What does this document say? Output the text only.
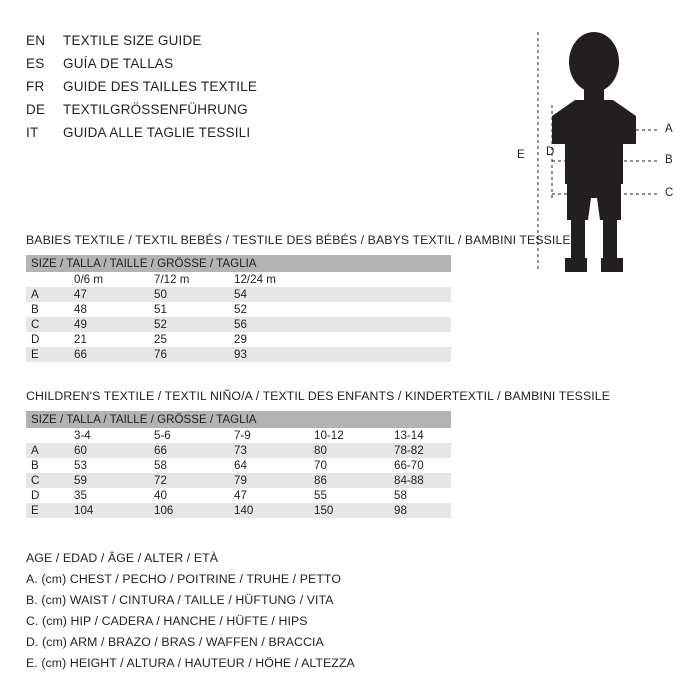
EN	TEXTILE SIZE GUIDE
ES	GUÍA DE TALLAS
FR	GUIDE DES TAILLES TEXTILE
DE	TEXTILGRÖSSENFÜHRUNG
IT	GUIDA ALLE TAGLIE TESSILI	A
B
C
D
E
BABIES TEXTILE / TEXTIL BEBÉS / TESTILE DES BÉBÉS / BABYS TEXTIL / BAMBINI TESSILE
SIZE / TALLA / TAILLE / GRÖSSE / TAGLIA			
	0/6 m	7/12 m	12/24 m
A	47	50	54
B	48	51	52
C	49	52	56
D	21	25	29
E	66	76	93
CHILDREN'S TEXTILE / TEXTIL NIÑO/A / TEXTIL DES ENFANTS / KINDERTEXTIL / BAMBINI TESSILE
SIZE / TALLA / TAILLE / GRÖSSE / TAGLIA					
	3-4	5-6	7-9	10-12	13-14
A	60	66	73	80	78-82
B	53	58	64	70	66-70
C	59	72	79	86	84-88
D	35	40	47	55	58
E	104	106	140	150	98
AGE / EDAD / ÂGE / ALTER / ETÀ
A. (cm) CHEST / PECHO / POITRINE / TRUHE / PETTO
B. (cm) WAIST / CINTURA / TAILLE / HÜFTUNG / VITA
C. (cm) HIP / CADERA / HANCHE / HÜFTE / HIPS
D. (cm) ARM / BRAZO / BRAS / WAFFEN / BRACCIA
E. (cm) HEIGHT / ALTURA / HAUTEUR / HÖHE / ALTEZZA
